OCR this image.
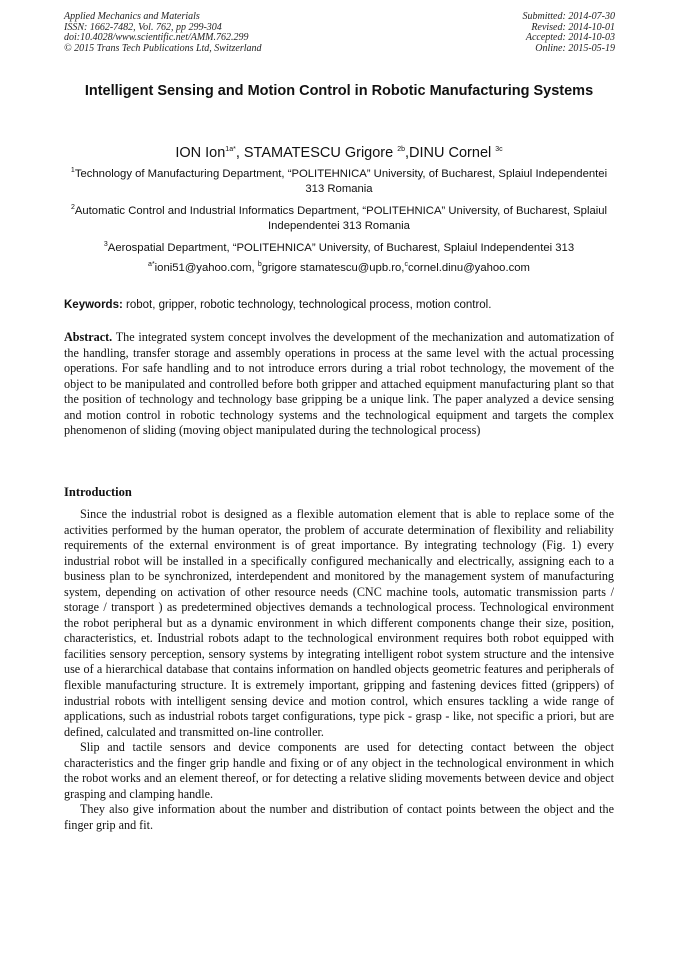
Applied Mechanics and Materials
ISSN: 1662-7482, Vol. 762, pp 299-304
doi:10.4028/www.scientific.net/AMM.762.299
© 2015 Trans Tech Publications Ltd, Switzerland
Submitted: 2014-07-30
Revised: 2014-10-01
Accepted: 2014-10-03
Online: 2015-05-19
Intelligent Sensing and Motion Control in Robotic Manufacturing Systems
ION Ion$^{1a*}$, STAMATESCU Grigore $^{2b}$,DINU Cornel $^{3c}$
$^1$Technology of Manufacturing Department, “POLITEHNICA” University, of Bucharest, Splaiul Independentei 313 Romania
$^2$Automatic Control and Industrial Informatics Department, “POLITEHNICA” University, of Bucharest, Splaiul Independentei 313 Romania
$^3$Aerospatial Department, “POLITEHNICA” University, of Bucharest, Splaiul Independentei 313
$^{a*}$ioni51@yahoo.com, $^b$grigore stamatescu@upb.ro,$^c$cornel.dinu@yahoo.com
Keywords: robot, gripper, robotic technology, technological process, motion control.
Abstract. The integrated system concept involves the development of the mechanization and automatization of the handling, transfer storage and assembly operations in process at the same level with the actual processing operations. For safe handling and to not introduce errors during a trial robot technology, the movement of the object to be manipulated and controlled before both gripper and attached equipment manufacturing plant so that the position of technology and technology base gripping be a unique link. The paper analyzed a device sensing and motion control in robotic technology systems and the technological equipment and targets the complex phenomenon of sliding (moving object manipulated during the technological process)
Introduction

Since the industrial robot is designed as a flexible automation element that is able to replace some of the activities performed by the human operator, the problem of accurate determination of flexibility and reliability requirements of the external environment is of great importance. By integrating technology (Fig. 1) every industrial robot will be installed in a specifically configured mechanically and electrically, assigning each to a business plan to be synchronized, interdependent and monitored by the management system of manufacturing system, depending on activation of other resource needs (CNC machine tools, automatic transmission parts / storage / transport ) as predetermined objectives demands a technological process. Technological environment the robot peripheral but as a dynamic environment in which different components change their size, position, characteristics, et. Industrial robots adapt to the technological environment requires both robot equipped with facilities sensory perception, sensory systems by integrating intelligent robot system structure and the intensive use of a hierarchical database that contains information on handled objects geometric features and peripherals of flexible manufacturing structure. It is extremely important, gripping and fastening devices fitted (grippers) of industrial robots with intelligent sensing device and motion control, which ensures tackling a wide range of applications, such as industrial robots target configurations, type pick - grasp - like, not specific a priori, but are defined, calculated and transmitted on-line controller.

Slip and tactile sensors and device components are used for detecting contact between the object characteristics and the finger grip handle and fixing or of any object in the technological environment in which the robot works and an element thereof, or for detecting a relative sliding movements between device and object grasping and clamping handle.

They also give information about the number and distribution of contact points between the object and the finger grip and fit.
